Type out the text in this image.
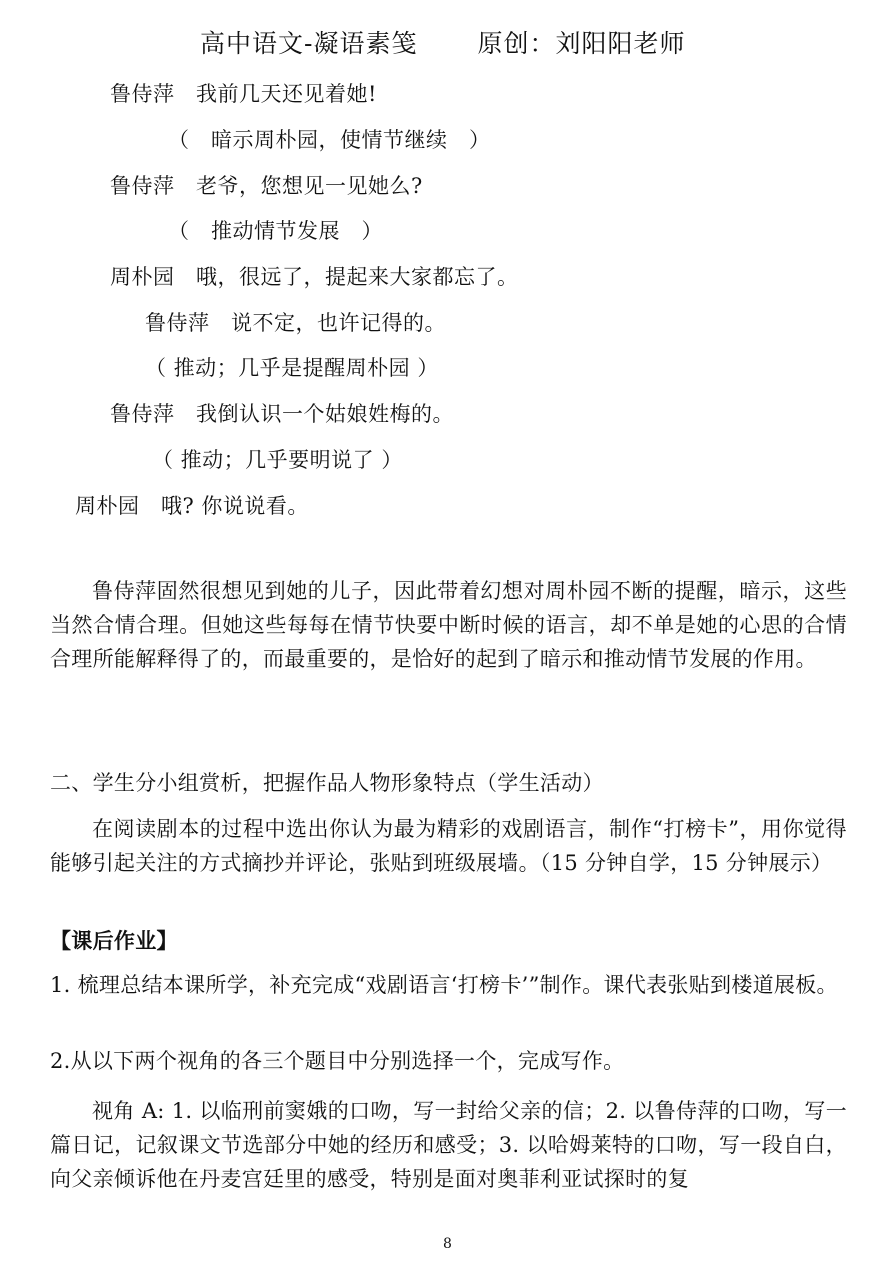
高中语文-凝语素笺 原创：刘阳阳老师
鲁侍萍　我前几天还见着她!
（　暗示周朴园，使情节继续　）
鲁侍萍　老爷，您想见一见她么?
（　推动情节发展　）
周朴园　哦，很远了，提起来大家都忘了。
鲁侍萍　说不定，也许记得的。
（ 推动；几乎是提醒周朴园 ）
鲁侍萍　我倒认识一个姑娘姓梅的。
（ 推动；几乎要明说了 ）
周朴园　哦? 你说说看。
鲁侍萍固然很想见到她的儿子，因此带着幻想对周朴园不断的提醒，暗示，这些当然合情合理。但她这些每每在情节快要中断时候的语言，却不单是她的心思的合情合理所能解释得了的，而最重要的，是恰好的起到了暗示和推动情节发展的作用。
二、学生分小组赏析，把握作品人物形象特点（学生活动）
在阅读剧本的过程中选出你认为最为精彩的戏剧语言，制作“打榜卡”，用你觉得能够引起关注的方式摘抄并评论，张贴到班级展墙。（15 分钟自学，15 分钟展示）
【课后作业】
1. 梳理总结本课所学，补充完成“戏剧语言‘打榜卡’”制作。课代表张贴到楼道展板。
2.从以下两个视角的各三个题目中分别选择一个，完成写作。
视角 A: 1. 以临刑前窦娥的口吻，写一封给父亲的信；2. 以鲁侍萍的口吻，写一篇日记，记叙课文节选部分中她的经历和感受；3. 以哈姆莱特的口吻，写一段自白，向父亲倾诉他在丹麦宫廷里的感受，特别是面对奥菲利亚试探时的复
8
